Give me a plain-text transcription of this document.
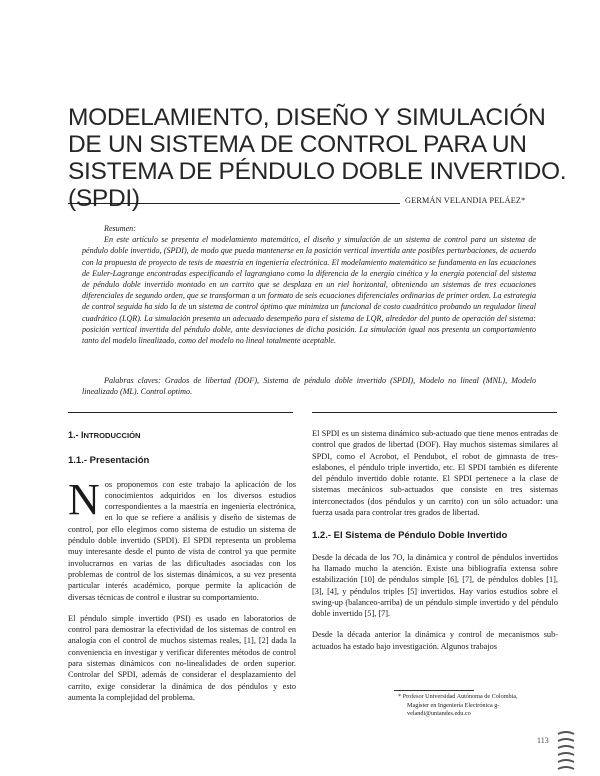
MODELAMIENTO, DISEÑO Y SIMULACIÓN DE UN SISTEMA DE CONTROL PARA UN SISTEMA DE PÉNDULO DOBLE INVERTIDO. (SPDI)	GERMÁN VELANDIA PELÁEZ*

Resumen:

En este artículo se presenta el modelamiento matemático, el diseño y simulación de un sistema de control para un sistema de péndulo doble invertido, (SPDI), de modo que pueda mantenerse en la posición vertical invertida ante posibles perturbaciones, de acuerdo con la propuesta de proyecto de tesis de maestría en ingeniería electrónica. El modelamiento matemático se fundamenta en las ecuaciones de Euler-Lagrange encontradas especificando el lagrangiano como la diferencia de la energía cinética y la energía potencial del sistema de péndulo doble invertido montado en un carrito que se desplaza en un riel horizontal, obteniendo un sistemas de tres ecuaciones diferenciales de segundo orden, que se transforman a un formato de seis ecuaciones diferenciales ordinarias de primer orden. La estrategia de control seguida ha sido la de un sistema de control óptimo que minimiza un funcional de costo cuadrático probando un regulador lineal cuadrático (LQR). La simulación presenta un adecuado desempeño para el sistema de LQR, alrededor del punto de operación del sistema: posición vertical invertida del péndulo doble, ante desviaciones de dicha posición. La simulación igual nos presenta un comportamiento tanto del modelo linealizado, como del modelo no lineal totalmente aceptable.

Palabras claves: Grados de libertad (DOF), Sistema de péndulo doble invertido (SPDI), Modelo no lineal (MNL), Modelo linealizado (ML). Control optimo.

1.- INTRODUCCIÓN
1.1.- Presentación

Nos proponemos con este trabajo la aplicación de los conocimientos adquiridos en los diversos estudios correspondientes a la maestría en ingeniería electrónica, en lo que se refiere a análisis y diseño de sistemas de control, por ello elegimos como sistema de estudio un sistema de péndulo doble invertido (SPDI). El SPDI representa un problema muy interesante desde el punto de vista de control ya que permite involucrarnos en varias de las dificultades asociadas con los problemas de control de los sistemas dinámicos, a su vez presenta particular interés académico, porque permite la aplicación de diversas técnicas de control e ilustrar su comportamiento.

El péndulo simple invertido (PSI) es usado en laboratorios de control para demostrar la efectividad de los sistemas de control en analogía con el control de muchos sistemas reales, [1], [2] dada la conveniencia en investigar y verificar diferentes métodos de control para sistemas dinámicos con no-linealidades de orden superior. Controlar del SPDI, además de considerar el desplazamiento del carrito, exige considerar la dinámica de dos péndulos y esto aumenta la complejidad del problema.

El SPDI es un sistema dinámico sub-actuado que tiene menos entradas de control que grados de libertad (DOF). Hay muchos sistemas similares al SPDI, como el Acrobot, el Pendubot, el robot de gimnasta de tres-eslabones, el péndulo triple invertido, etc. El SPDI también es diferente del péndulo invertido doble rotante. El SPDI pertenece a la clase de sistemas mecánicos sub-actuados que consiste en tres sistemas interconectados (dos péndulos y un carrito) con un sólo actuador: una fuerza usada para controlar tres grados de libertad.

1.2.- El Sistema de Péndulo Doble Invertido

Desde la década de los 7O, la dinámica y control de péndulos invertidos ha llamado mucho la atención. Existe una bibliografía extensa sobre estabilización [10] de péndulos simple [6], [7], de péndulos dobles [1], [3], [4], y péndulos triples [5] invertidos. Hay varios estudios sobre el swing-up (balanceo-arriba) de un péndulo simple invertido y del péndulo doble invertido [5], [7].

Desde la década anterior la dinámica y control de mecanismos sub-actuados ha estado bajo investigación. Algunos trabajos

* Profesor Universidad Autónoma de Colombia,

Magíster en Ingeniería Electrónica g-

velandi@uniandes.edu.co

113
